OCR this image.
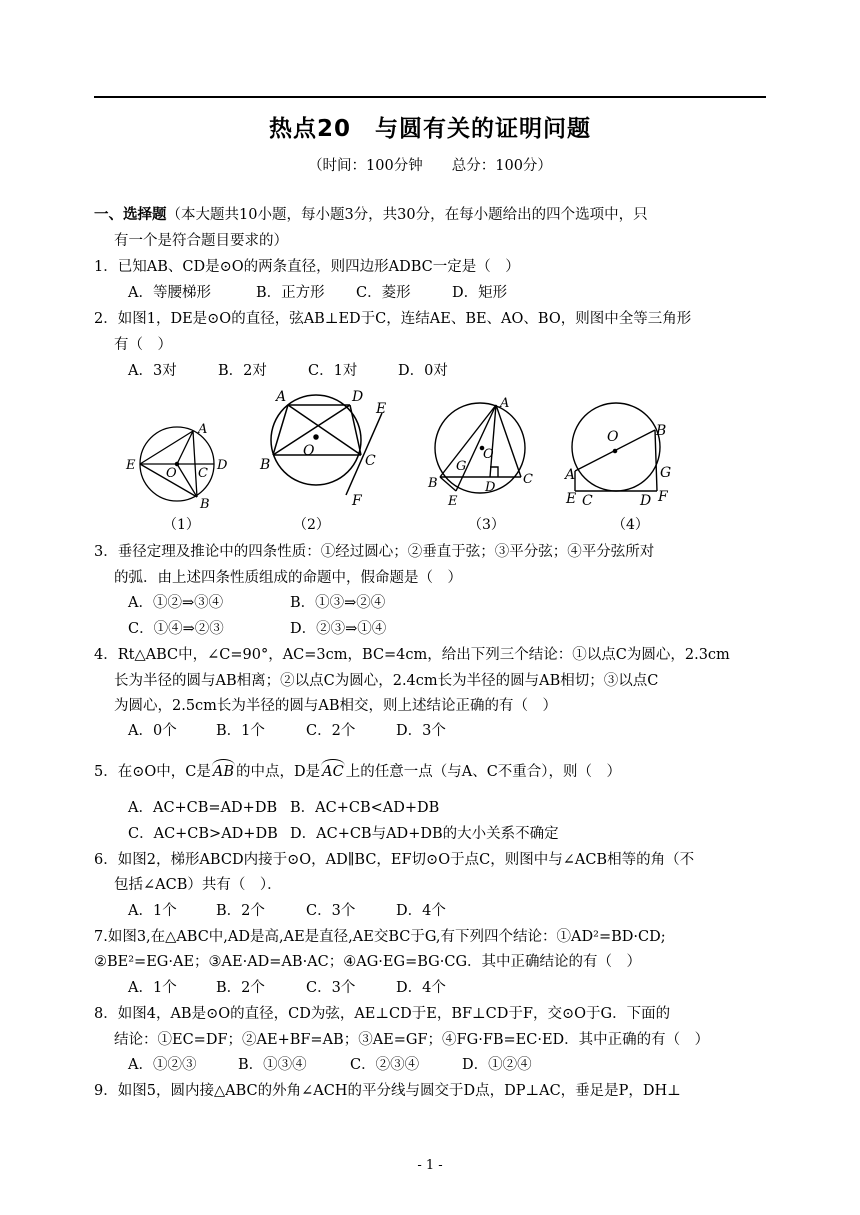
热点20　与圆有关的证明问题
（时间：100分钟　　总分：100分）
一、选择题（本大题共10小题，每小题3分，共30分，在每小题给出的四个选项中，只
有一个是符合题目要求的）
1．已知AB、CD是⊙O的两条直径，则四边形ADBC一定是（　）
A．等腰梯形	B．正方形 C．菱形	D．矩形
2．如图1，DE是⊙O的直径，弦AB⊥ED于C，连结AE、BE、AO、BO，则图中全等三角形
有（　）
A．3对	B．2对	C．1对	D．0对
A
E
O C
D
B
A	D
E
O
B	C
F
A
O
G
B
E
D
C
O	B
A	G
E C	D F
（1）	（2）	（3）	（4）
3．垂径定理及推论中的四条性质：①经过圆心；②垂直于弦；③平分弦；④平分弦所对
的弧．由上述四条性质组成的命题中，假命题是（　）
A．①②⇒③④	B．①③⇒②④
C．①④⇒②③	D．②③⇒①④
4．Rt△ABC中，∠C=90°，AC=3cm，BC=4cm，给出下列三个结论：①以点C为圆心，2.3cm
长为半径的圆与AB相离；②以点C为圆心，2.4cm长为半径的圆与AB相切；③以点C
为圆心，2.5cm长为半径的圆与AB相交，则上述结论正确的有（　）
A．0个	B．1个	C．2个	D．3个
5．在⊙O中，C是 AB 的中点，D是 AC 上的任意一点（与A、C不重合），则（　）
A．AC+CB=AD+DB B．AC+CB<AD+DB
C．AC+CB>AD+DB D．AC+CB与AD+DB的大小关系不确定
6．如图2，梯形ABCD内接于⊙O，AD∥BC，EF切⊙O于点C，则图中与∠ACB相等的角（不
包括∠ACB）共有（　）．
A．1个	B．2个	C．3个	D．4个
7.如图3,在△ABC中,AD是高,AE是直径,AE交BC于G,有下列四个结论：①AD²=BD·CD;
②BE²=EG·AE；③AE·AD=AB·AC；④AG·EG=BG·CG．其中正确结论的有（　）
A．1个	B．2个	C．3个	D．4个
8．如图4，AB是⊙O的直径，CD为弦，AE⊥CD于E，BF⊥CD于F，交⊙O于G．下面的
结论：①EC=DF；②AE+BF=AB；③AE=GF；④FG·FB=EC·ED．其中正确的有（　）
A．①②③	B．①③④	C．②③④	D．①②④
9．如图5，圆内接△ABC的外角∠ACH的平分线与圆交于D点，DP⊥AC，垂足是P，DH⊥
- 1 -
